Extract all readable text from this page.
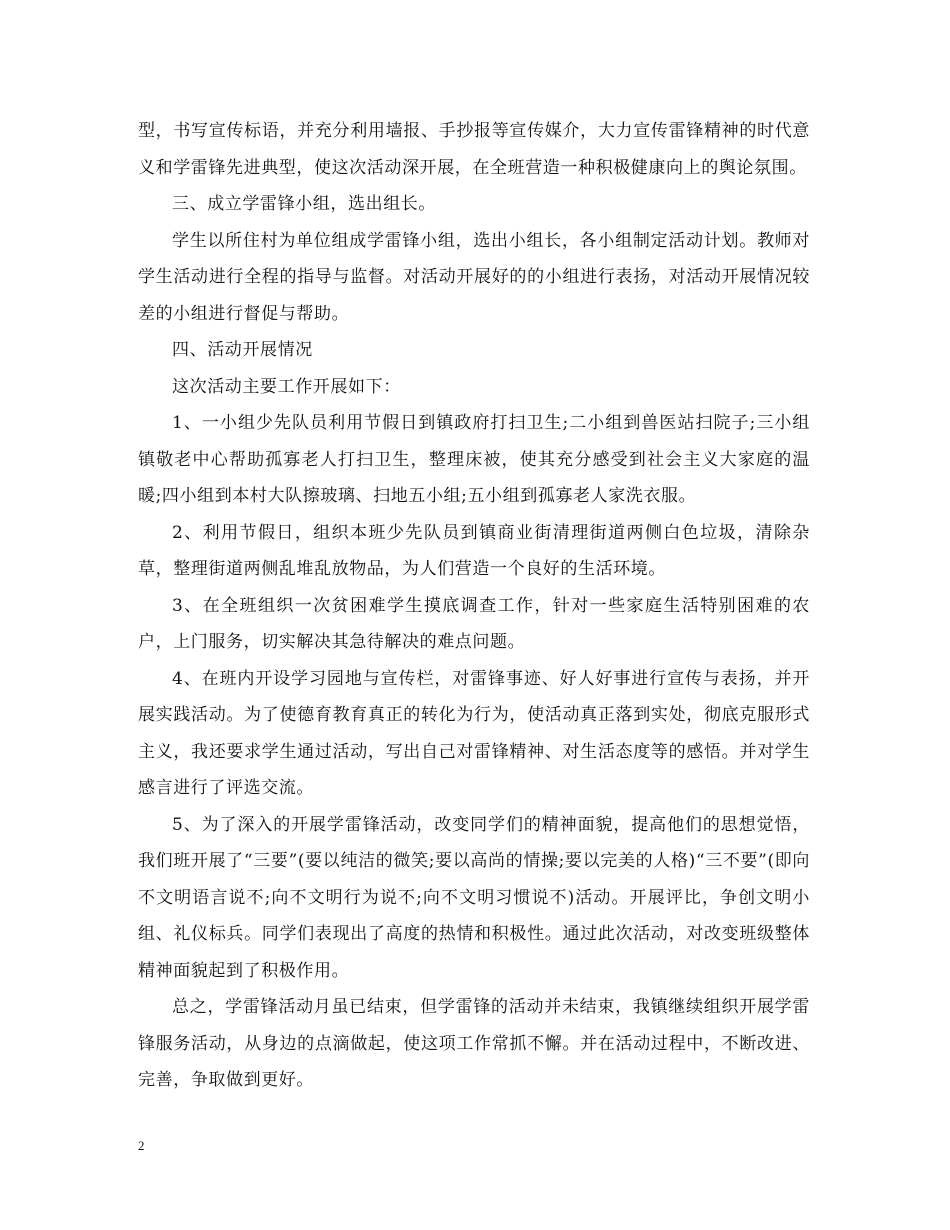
型，书写宣传标语，并充分利用墙报、手抄报等宣传媒介，大力宣传雷锋精神的时代意义和学雷锋先进典型，使这次活动深开展，在全班营造一种积极健康向上的舆论氛围。

三、成立学雷锋小组，选出组长。

学生以所住村为单位组成学雷锋小组，选出小组长，各小组制定活动计划。教师对学生活动进行全程的指导与监督。对活动开展好的的小组进行表扬，对活动开展情况较差的小组进行督促与帮助。

四、活动开展情况

这次活动主要工作开展如下：

1、一小组少先队员利用节假日到镇政府打扫卫生;二小组到兽医站扫院子;三小组镇敬老中心帮助孤寡老人打扫卫生，整理床被，使其充分感受到社会主义大家庭的温暖;四小组到本村大队擦玻璃、扫地五小组;五小组到孤寡老人家洗衣服。

2、利用节假日，组织本班少先队员到镇商业街清理街道两侧白色垃圾，清除杂草，整理街道两侧乱堆乱放物品，为人们营造一个良好的生活环境。

3、在全班组织一次贫困难学生摸底调查工作，针对一些家庭生活特别困难的农户，上门服务，切实解决其急待解决的难点问题。

4、在班内开设学习园地与宣传栏，对雷锋事迹、好人好事进行宣传与表扬，并开展实践活动。为了使德育教育真正的转化为行为，使活动真正落到实处，彻底克服形式主义，我还要求学生通过活动，写出自己对雷锋精神、对生活态度等的感悟。并对学生感言进行了评选交流。

5、为了深入的开展学雷锋活动，改变同学们的精神面貌，提高他们的思想觉悟，我们班开展了“三要”(要以纯洁的微笑;要以高尚的情操;要以完美的人格)“三不要”(即向不文明语言说不;向不文明行为说不;向不文明习惯说不)活动。开展评比，争创文明小组、礼仪标兵。同学们表现出了高度的热情和积极性。通过此次活动，对改变班级整体精神面貌起到了积极作用。

总之，学雷锋活动月虽已结束，但学雷锋的活动并未结束，我镇继续组织开展学雷锋服务活动，从身边的点滴做起，使这项工作常抓不懈。并在活动过程中，不断改进、完善，争取做到更好。

2
